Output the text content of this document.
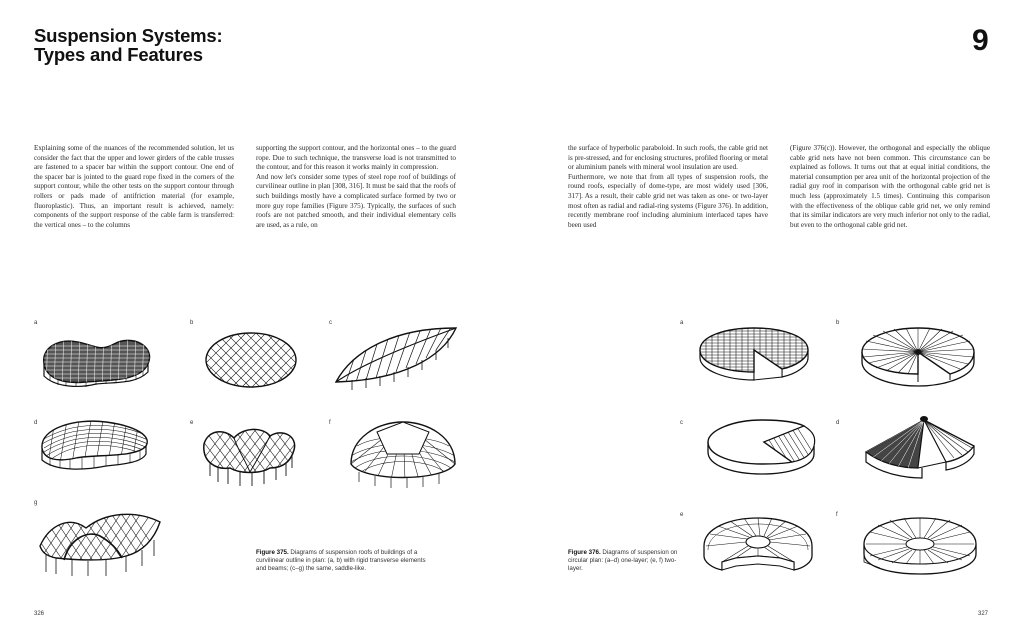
Suspension Systems:
Types and Features	9

Explaining some of the nuances of the recommended solution, let us consider the fact that the upper and lower girders of the cable trusses are fastened to a spacer bar within the support contour. One end of the spacer bar is jointed to the guard rope fixed in the corners of the support contour, while the other tests on the support contour through rollers or pads made of antifriction material (for example, fluoroplastic). Thus, an important result is achieved, namely: components of the support response of the cable farm is transferred: the vertical ones – to the columns

supporting the support contour, and the horizontal ones – to the guard rope. Due to such technique, the transverse load is not transmitted to the contour, and for this reason it works mainly in compression.

And now let's consider some types of steel rope roof of buildings of curvilinear outline in plan [308, 316]. It must be said that the roofs of such buildings mostly have a complicated surface formed by two or more guy rope families (Figure 375). Typically, the surfaces of such roofs are not patched smooth, and their individual elementary cells are used, as a rule, on

the surface of hyperbolic paraboloid. In such roofs, the cable grid net is pre-stressed, and for enclosing structures, profiled flooring or metal or aluminium panels with mineral wool insulation are used.

Furthermore, we note that from all types of suspension roofs, the round roofs, especially of dome-type, are most widely used [306, 317]. As a result, their cable grid net was taken as one- or two-layer most often as radial and radial-ring systems (Figure 376). In addition, recently membrane roof including aluminium interlaced tapes have been used

(Figure 376(c)). However, the orthogonal and especially the oblique cable grid nets have not been common. This circumstance can be explained as follows. It turns out that at equal initial conditions, the material consumption per area unit of the horizontal projection of the radial guy roof in comparison with the orthogonal cable grid net is much less (approximately 1.5 times). Continuing this comparison with the effectiveness of the oblique cable grid net, we only remind that its similar indicators are very much inferior not only to the radial, but even to the orthogonal cable grid net.

a	b	c
d	e	f
g
Figure 375. Diagrams of suspension roofs of buildings of a curvilinear outline in plan: (a, b) with rigid transverse elements and beams; (c–g) the same, saddle-like.
a	b
c	d
e	f
Figure 376. Diagrams of suspension on circular plan: (a–d) one-layer; (e, f) two-layer.
326	327
